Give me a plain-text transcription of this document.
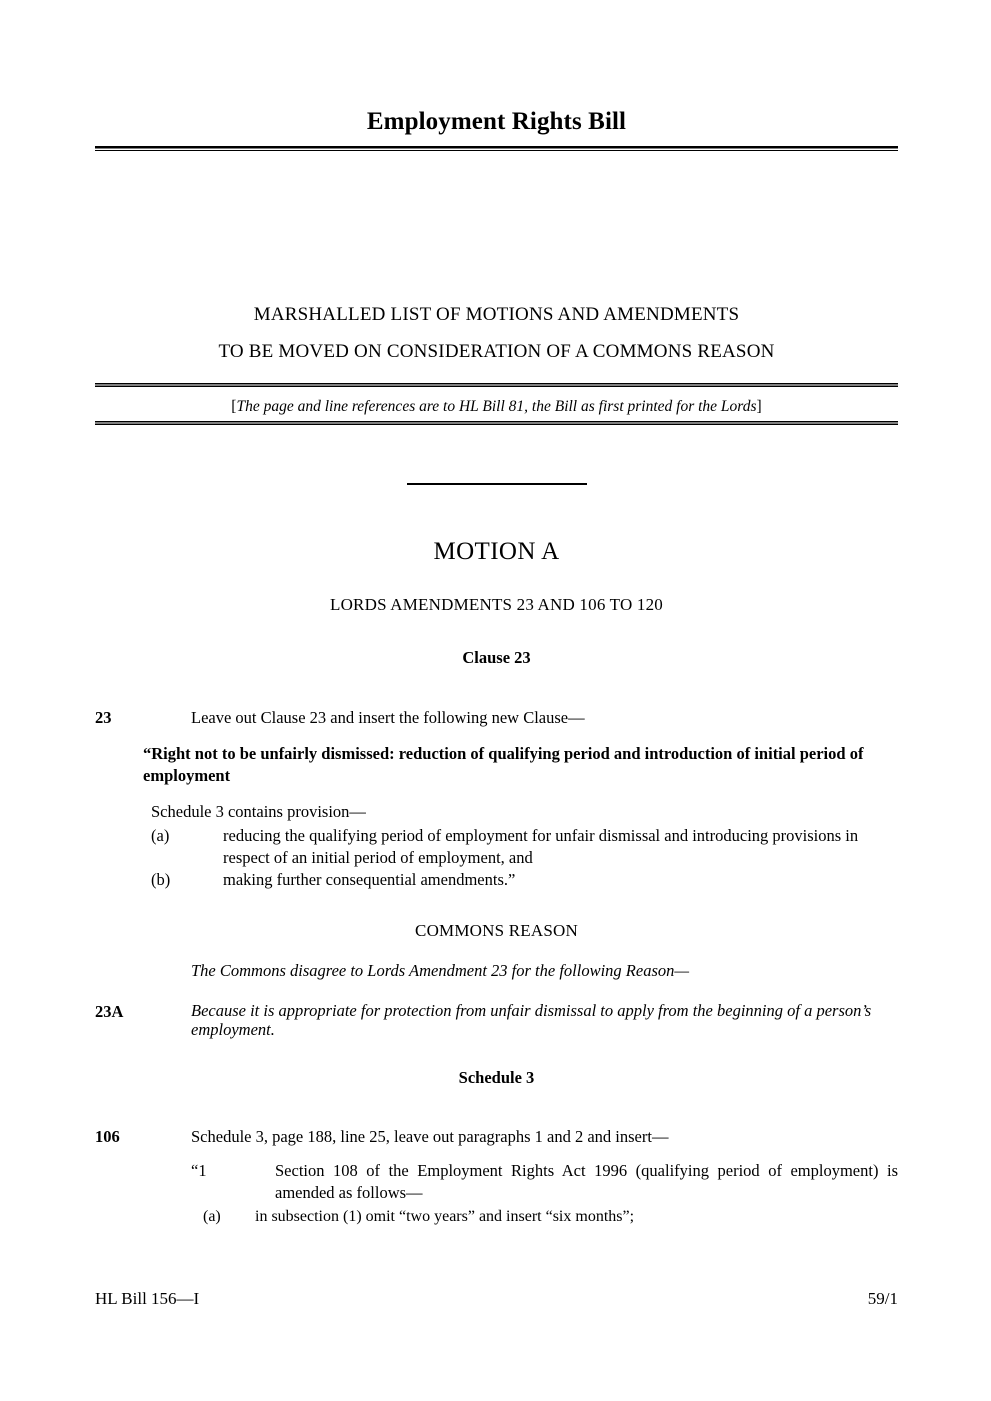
Employment Rights Bill
MARSHALLED LIST OF MOTIONS AND AMENDMENTS
TO BE MOVED ON CONSIDERATION OF A COMMONS REASON
[The page and line references are to HL Bill 81, the Bill as first printed for the Lords]
MOTION A
LORDS AMENDMENTS 23 AND 106 TO 120
Clause 23
23	Leave out Clause 23 and insert the following new Clause—
“Right not to be unfairly dismissed: reduction of qualifying period and introduction of initial period of employment
Schedule 3 contains provision—
(a)	reducing the qualifying period of employment for unfair dismissal and introducing provisions in respect of an initial period of employment, and
(b)	making further consequential amendments.”
COMMONS REASON
The Commons disagree to Lords Amendment 23 for the following Reason—
23A	Because it is appropriate for protection from unfair dismissal to apply from the beginning of a person’s employment.
Schedule 3
106	Schedule 3, page 188, line 25, leave out paragraphs 1 and 2 and insert—
“1	Section 108 of the Employment Rights Act 1996 (qualifying period of employment) is amended as follows—
(a)	in subsection (1) omit “two years” and insert “six months”;
HL Bill 156—I	59/1
